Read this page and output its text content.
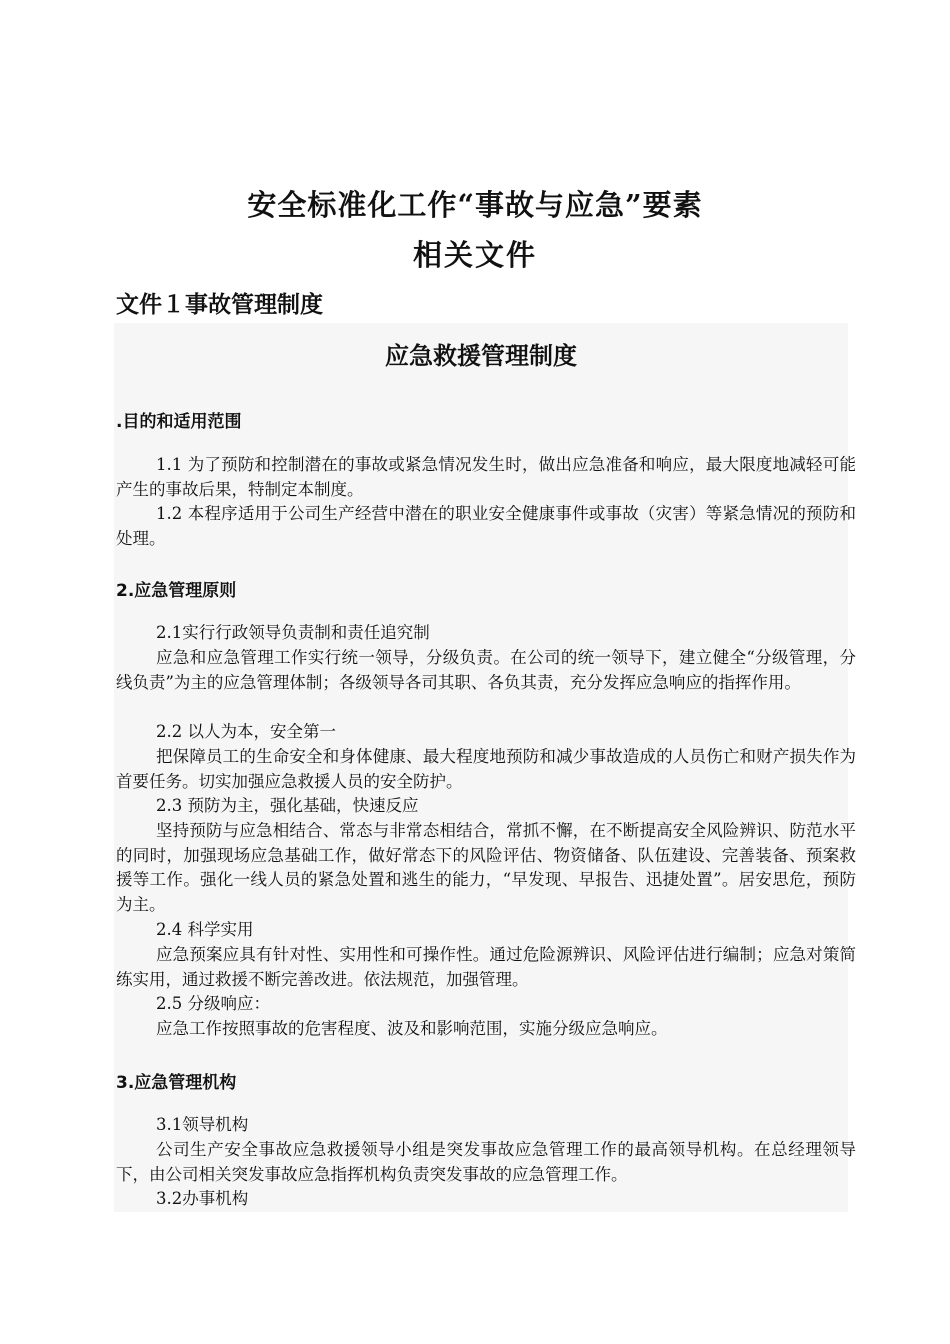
安全标准化工作“事故与应急”要素
相关文件
文件１事故管理制度
应急救援管理制度
.目的和适用范围
1.1 为了预防和控制潜在的事故或紧急情况发生时，做出应急准备和响应，最大限度地减轻可能产生的事故后果，特制定本制度。
1.2 本程序适用于公司生产经营中潜在的职业安全健康事件或事故（灾害）等紧急情况的预防和处理。
2.应急管理原则
2.1实行行政领导负责制和责任追究制
应急和应急管理工作实行统一领导，分级负责。在公司的统一领导下，建立健全“分级管理，分线负责”为主的应急管理体制；各级领导各司其职、各负其责，充分发挥应急响应的指挥作用。
2.2 以人为本，安全第一
把保障员工的生命安全和身体健康、最大程度地预防和减少事故造成的人员伤亡和财产损失作为首要任务。切实加强应急救援人员的安全防护。
2.3 预防为主，强化基础，快速反应
坚持预防与应急相结合、常态与非常态相结合，常抓不懈，在不断提高安全风险辨识、防范水平的同时，加强现场应急基础工作，做好常态下的风险评估、物资储备、队伍建设、完善装备、预案救援等工作。强化一线人员的紧急处置和逃生的能力，“早发现、早报告、迅捷处置”。居安思危，预防为主。
2.4 科学实用
应急预案应具有针对性、实用性和可操作性。通过危险源辨识、风险评估进行编制；应急对策简练实用，通过救援不断完善改进。依法规范，加强管理。
2.5 分级响应：
应急工作按照事故的危害程度、波及和影响范围，实施分级应急响应。
3.应急管理机构
3.1领导机构
公司生产安全事故应急救援领导小组是突发事故应急管理工作的最高领导机构。在总经理领导下，由公司相关突发事故应急指挥机构负责突发事故的应急管理工作。
3.2办事机构
